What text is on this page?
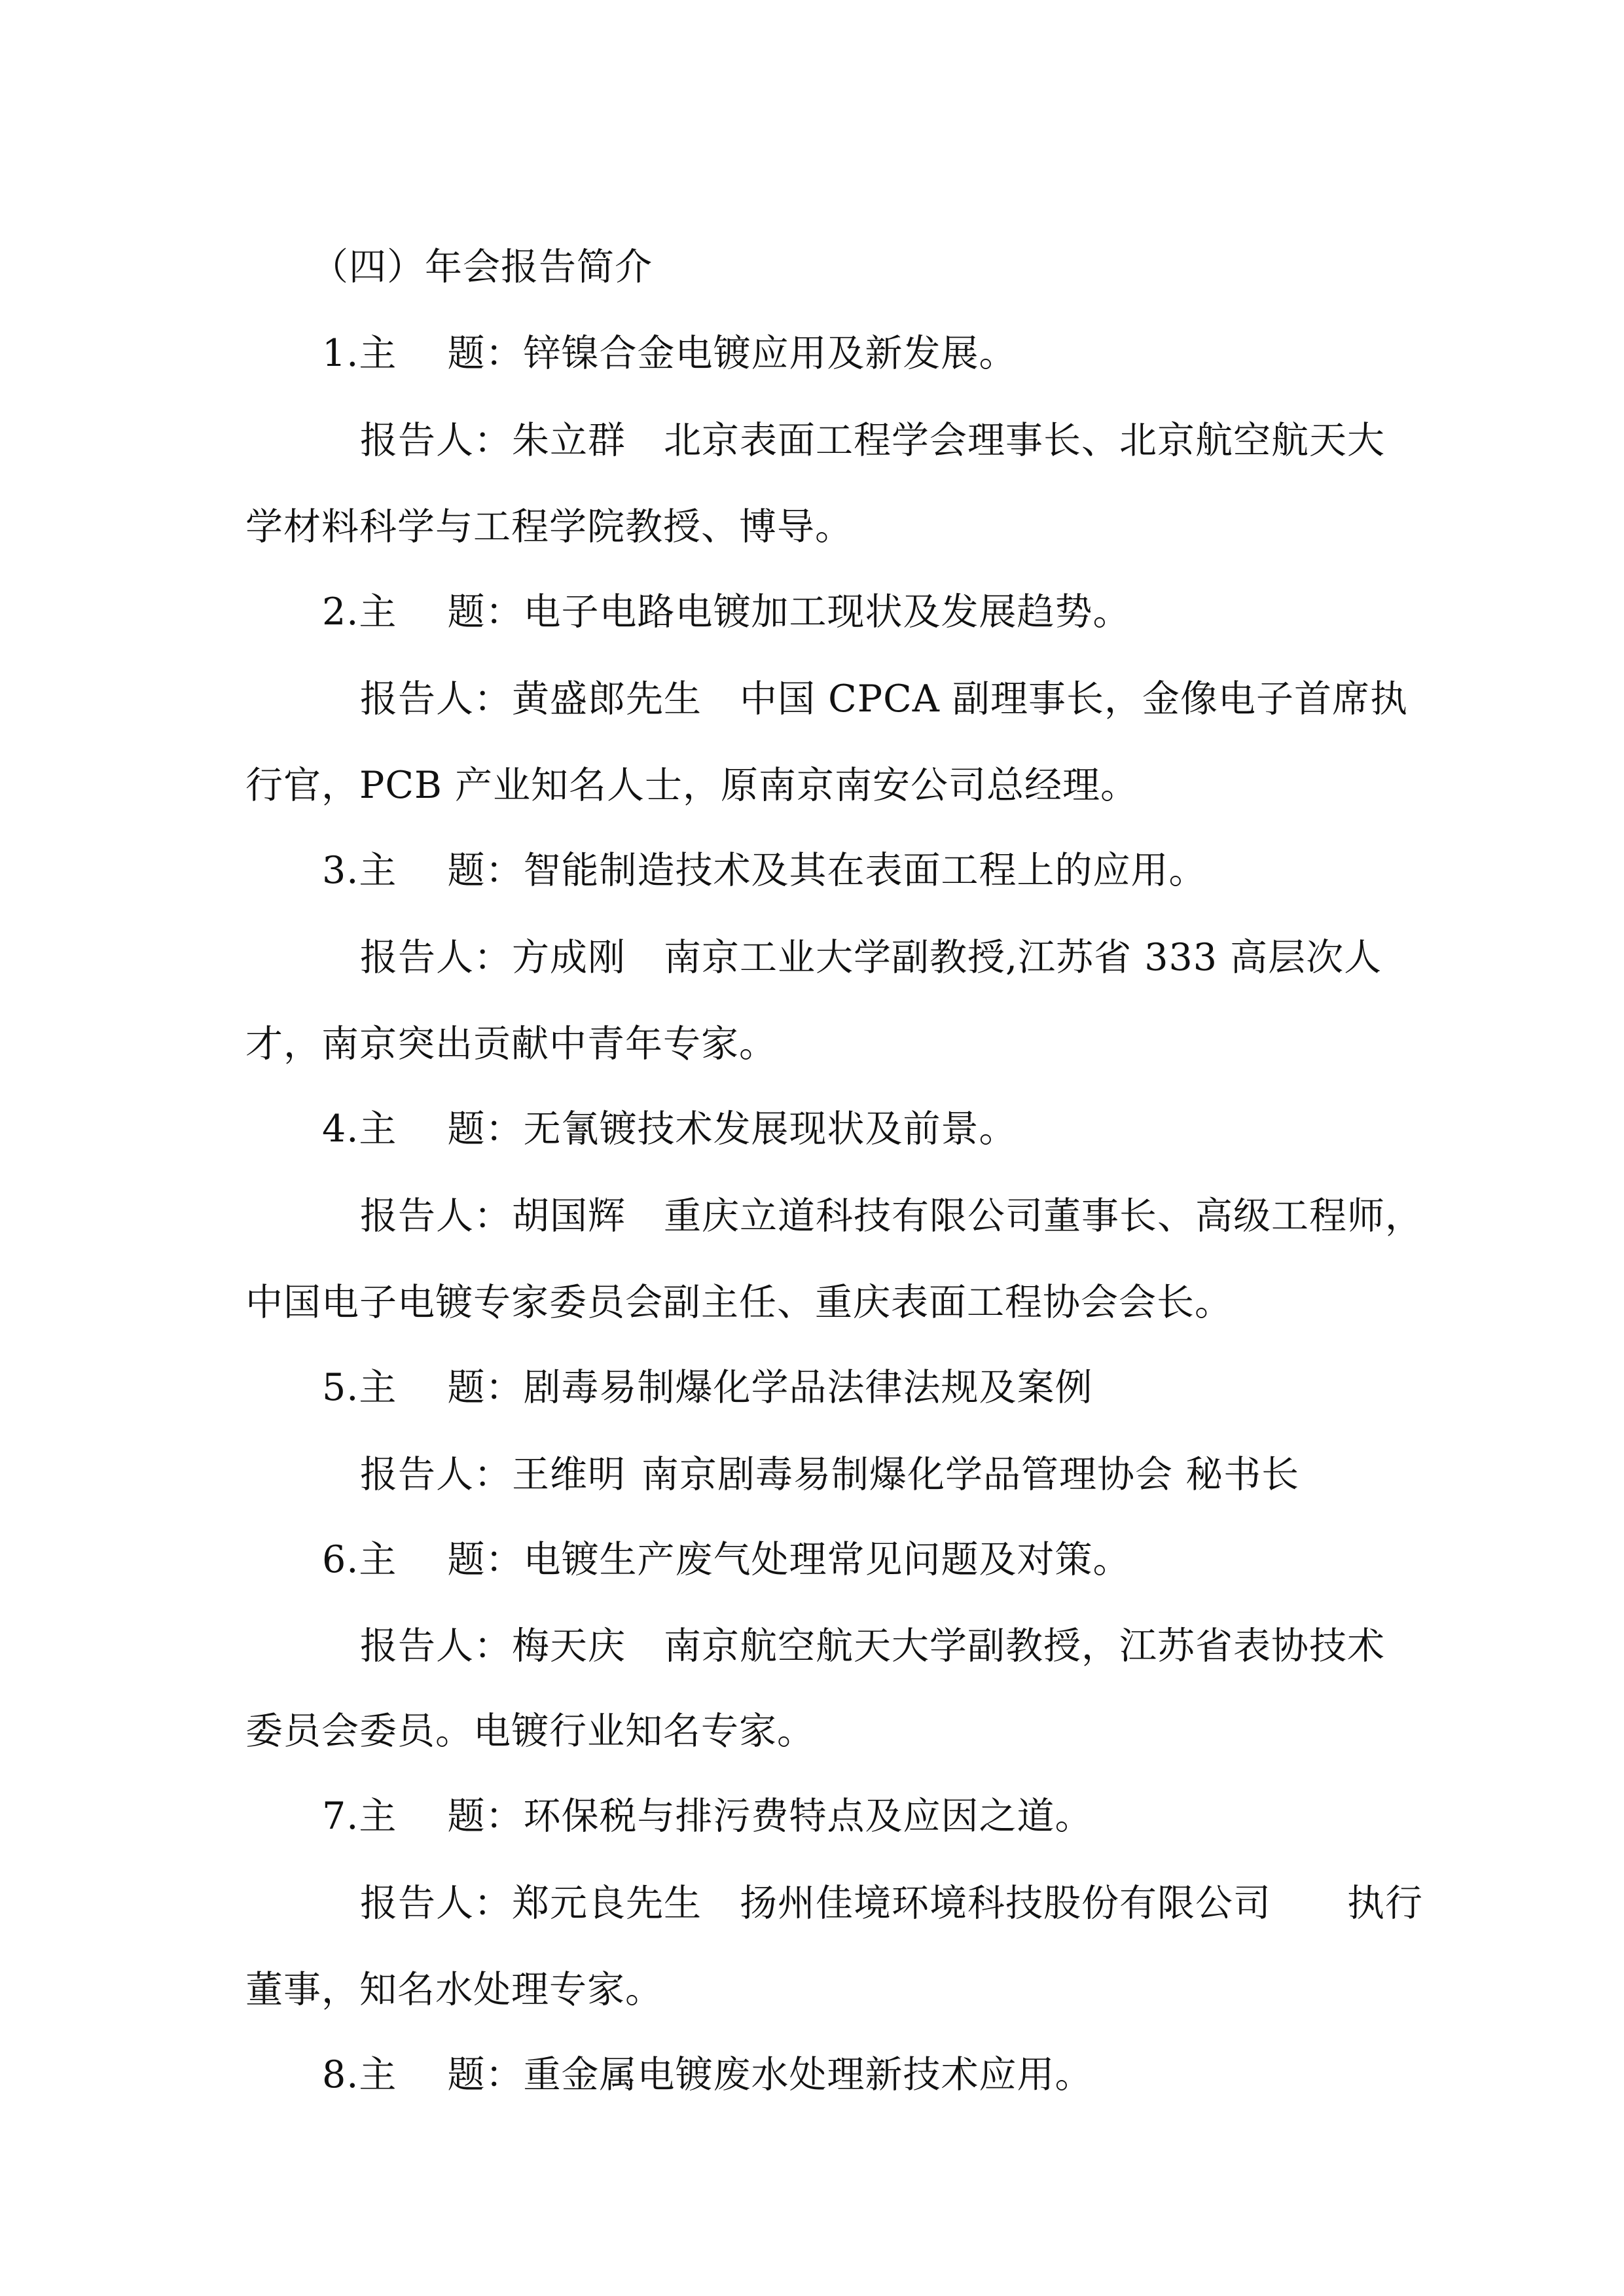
（四）年会报告简介
1.主　 题：锌镍合金电镀应用及新发展。
报告人：朱立群 北京表面工程学会理事长、北京航空航天大
学材料科学与工程学院教授、博导。
2.主　 题：电子电路电镀加工现状及发展趋势。
报告人：黄盛郎先生 中国 CPCA 副理事长，金像电子首席执
行官，PCB 产业知名人士，原南京南安公司总经理。
3.主　 题：智能制造技术及其在表面工程上的应用。
报告人：方成刚 南京工业大学副教授,江苏省 333 高层次人
才，南京突出贡献中青年专家。
4.主　 题：无氰镀技术发展现状及前景。
报告人：胡国辉 重庆立道科技有限公司董事长、高级工程师，
中国电子电镀专家委员会副主任、重庆表面工程协会会长。
5.主　 题：剧毒易制爆化学品法律法规及案例
报告人：王维明 南京剧毒易制爆化学品管理协会 秘书长
6.主　 题：电镀生产废气处理常见问题及对策。
报告人：梅天庆 南京航空航天大学副教授，江苏省表协技术
委员会委员。电镀行业知名专家。
7.主　 题：环保税与排污费特点及应因之道。
报告人：郑元良先生 扬州佳境环境科技股份有限公司　　执行
董事，知名水处理专家。
8.主　 题：重金属电镀废水处理新技术应用。
